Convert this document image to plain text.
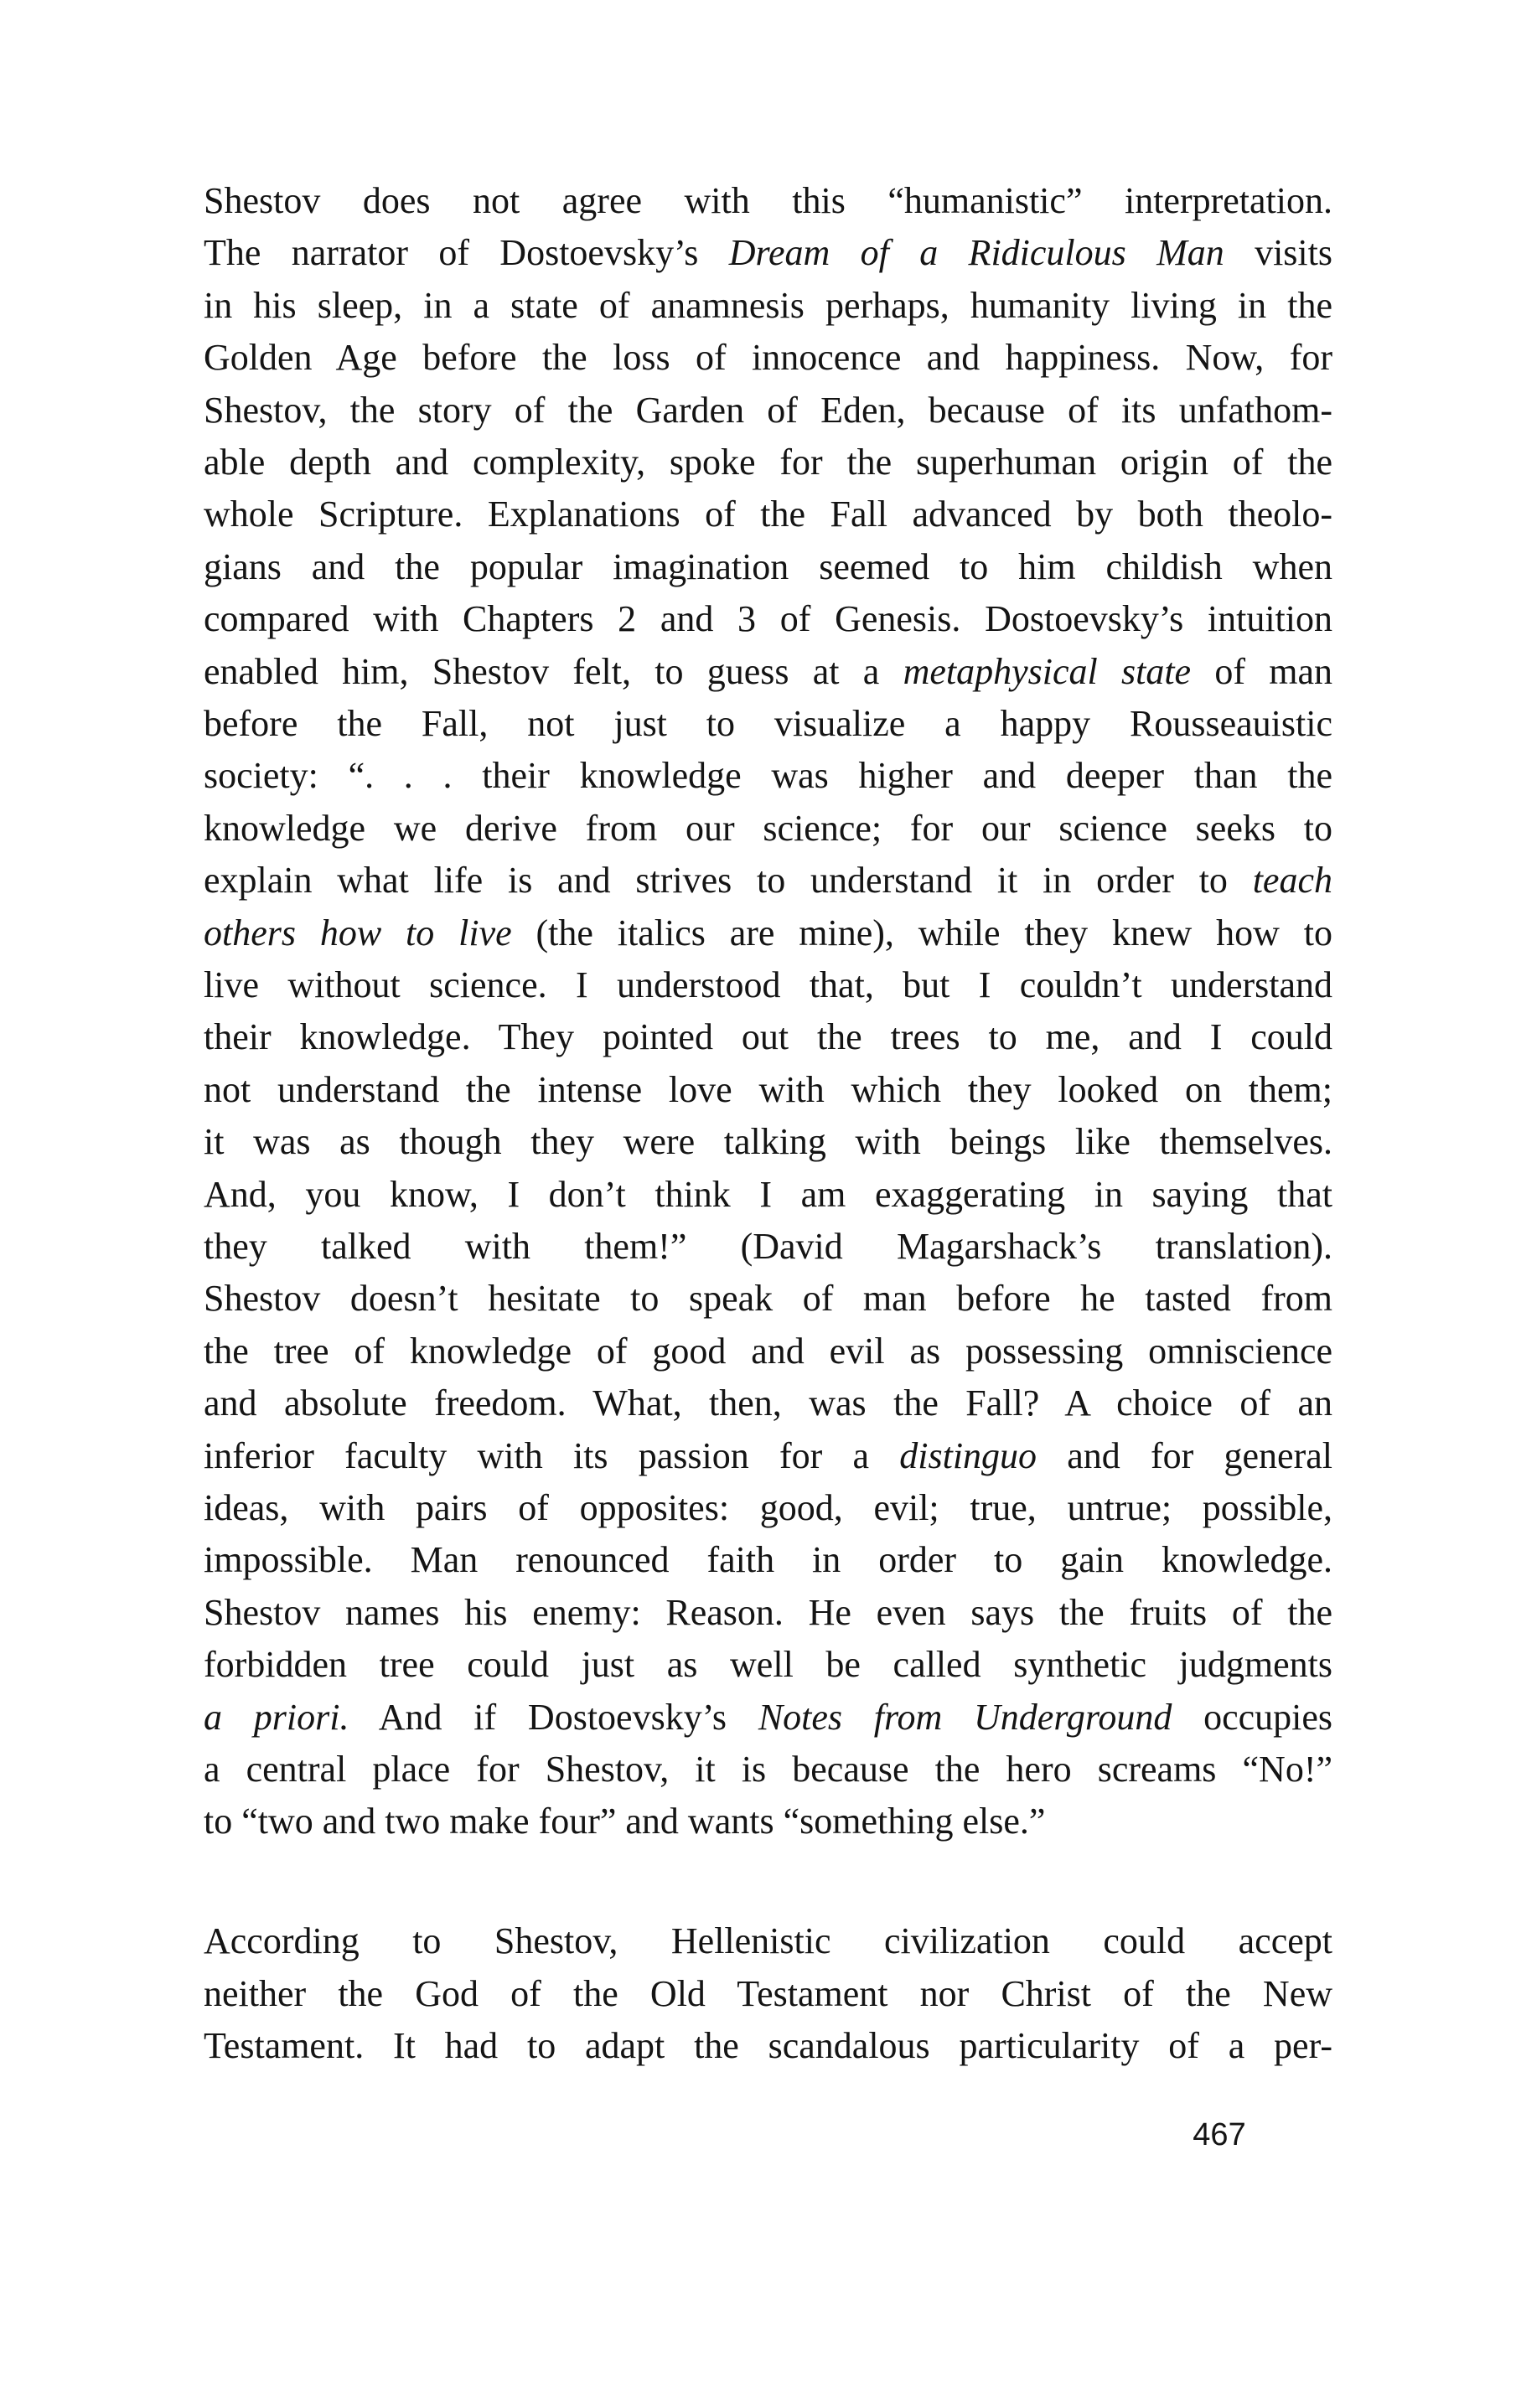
Shestov does not agree with this “humanistic” interpretation.

The narrator of Dostoevsky’s Dream of a Ridiculous Man visits

in his sleep, in a state of anamnesis perhaps, humanity living in the

Golden Age before the loss of innocence and happiness. Now, for

Shestov, the story of the Garden of Eden, because of its unfathom-

able depth and complexity, spoke for the superhuman origin of the

whole Scripture. Explanations of the Fall advanced by both theolo-

gians and the popular imagination seemed to him childish when

compared with Chapters 2 and 3 of Genesis. Dostoevsky’s intuition

enabled him, Shestov felt, to guess at a metaphysical state of man

before the Fall, not just to visualize a happy Rousseauistic

society: “. . . their knowledge was higher and deeper than the

knowledge we derive from our science; for our science seeks to

explain what life is and strives to understand it in order to teach

others how to live (the italics are mine), while they knew how to

live without science. I understood that, but I couldn’t understand

their knowledge. They pointed out the trees to me, and I could

not understand the intense love with which they looked on them;

it was as though they were talking with beings like themselves.

And, you know, I don’t think I am exaggerating in saying that

they talked with them!” (David Magarshack’s translation).

Shestov doesn’t hesitate to speak of man before he tasted from

the tree of knowledge of good and evil as possessing omniscience

and absolute freedom. What, then, was the Fall? A choice of an

inferior faculty with its passion for a distinguo and for general

ideas, with pairs of opposites: good, evil; true, untrue; possible,

impossible. Man renounced faith in order to gain knowledge.

Shestov names his enemy: Reason. He even says the fruits of the

forbidden tree could just as well be called synthetic judgments

a priori. And if Dostoevsky’s Notes from Underground occupies

a central place for Shestov, it is because the hero screams “No!”

to “two and two make four” and wants “something else.”

According to Shestov, Hellenistic civilization could accept

neither the God of the Old Testament nor Christ of the New

Testament. It had to adapt the scandalous particularity of a per-

467
